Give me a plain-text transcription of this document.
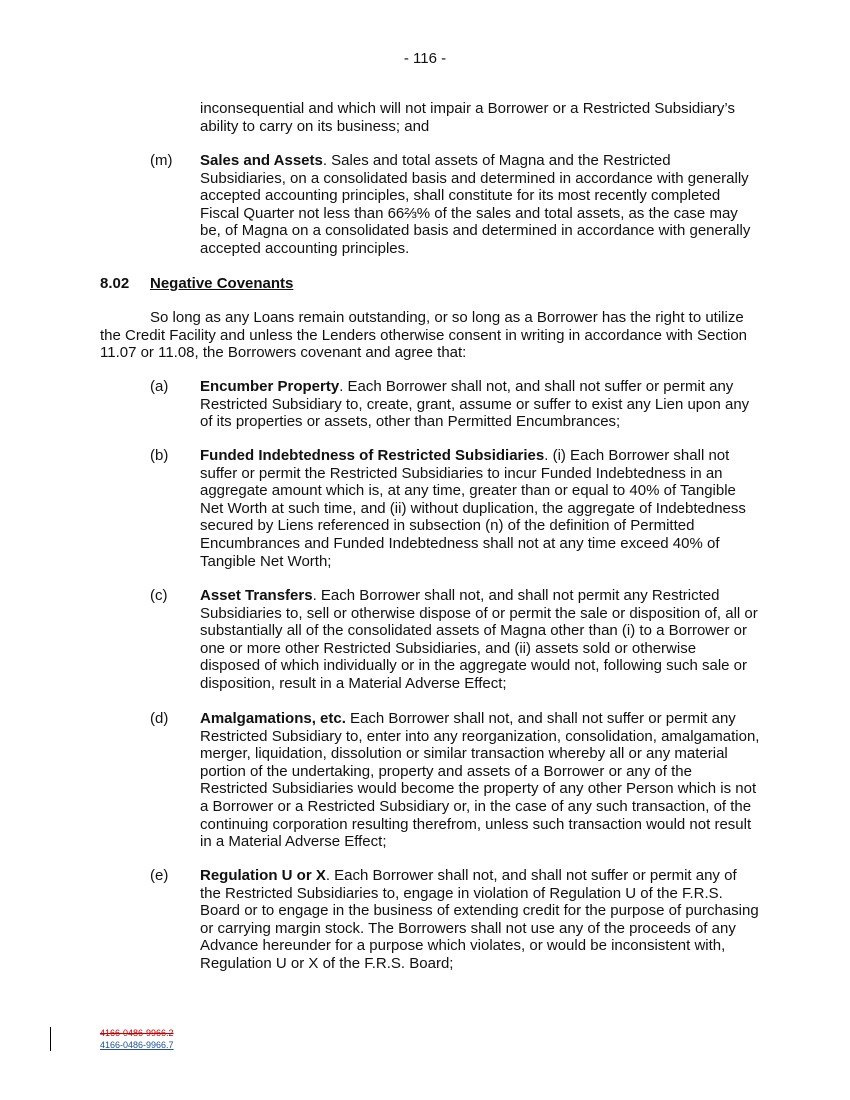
- 116 -

inconsequential and which will not impair a Borrower or a Restricted Subsidiary’s ability to carry on its business; and

(m) Sales and Assets. Sales and total assets of Magna and the Restricted Subsidiaries, on a consolidated basis and determined in accordance with generally accepted accounting principles, shall constitute for its most recently completed Fiscal Quarter not less than 66⅔% of the sales and total assets, as the case may be, of Magna on a consolidated basis and determined in accordance with generally accepted accounting principles.

8.02 Negative Covenants

So long as any Loans remain outstanding, or so long as a Borrower has the right to utilize the Credit Facility and unless the Lenders otherwise consent in writing in accordance with Section 11.07 or 11.08, the Borrowers covenant and agree that:

(a) Encumber Property. Each Borrower shall not, and shall not suffer or permit any Restricted Subsidiary to, create, grant, assume or suffer to exist any Lien upon any of its properties or assets, other than Permitted Encumbrances;

(b) Funded Indebtedness of Restricted Subsidiaries. (i) Each Borrower shall not suffer or permit the Restricted Subsidiaries to incur Funded Indebtedness in an aggregate amount which is, at any time, greater than or equal to 40% of Tangible Net Worth at such time, and (ii) without duplication, the aggregate of Indebtedness secured by Liens referenced in subsection (n) of the definition of Permitted Encumbrances and Funded Indebtedness shall not at any time exceed 40% of Tangible Net Worth;

(c) Asset Transfers. Each Borrower shall not, and shall not permit any Restricted Subsidiaries to, sell or otherwise dispose of or permit the sale or disposition of, all or substantially all of the consolidated assets of Magna other than (i) to a Borrower or one or more other Restricted Subsidiaries, and (ii) assets sold or otherwise disposed of which individually or in the aggregate would not, following such sale or disposition, result in a Material Adverse Effect;

(d) Amalgamations, etc. Each Borrower shall not, and shall not suffer or permit any Restricted Subsidiary to, enter into any reorganization, consolidation, amalgamation, merger, liquidation, dissolution or similar transaction whereby all or any material portion of the undertaking, property and assets of a Borrower or any of the Restricted Subsidiaries would become the property of any other Person which is not a Borrower or a Restricted Subsidiary or, in the case of any such transaction, of the continuing corporation resulting therefrom, unless such transaction would not result in a Material Adverse Effect;

(e) Regulation U or X. Each Borrower shall not, and shall not suffer or permit any of the Restricted Subsidiaries to, engage in violation of Regulation U of the F.R.S. Board or to engage in the business of extending credit for the purpose of purchasing or carrying margin stock. The Borrowers shall not use any of the proceeds of any Advance hereunder for a purpose which violates, or would be inconsistent with, Regulation U or X of the F.R.S. Board;

4166-0486-9966.2
4166-0486-9966.7
